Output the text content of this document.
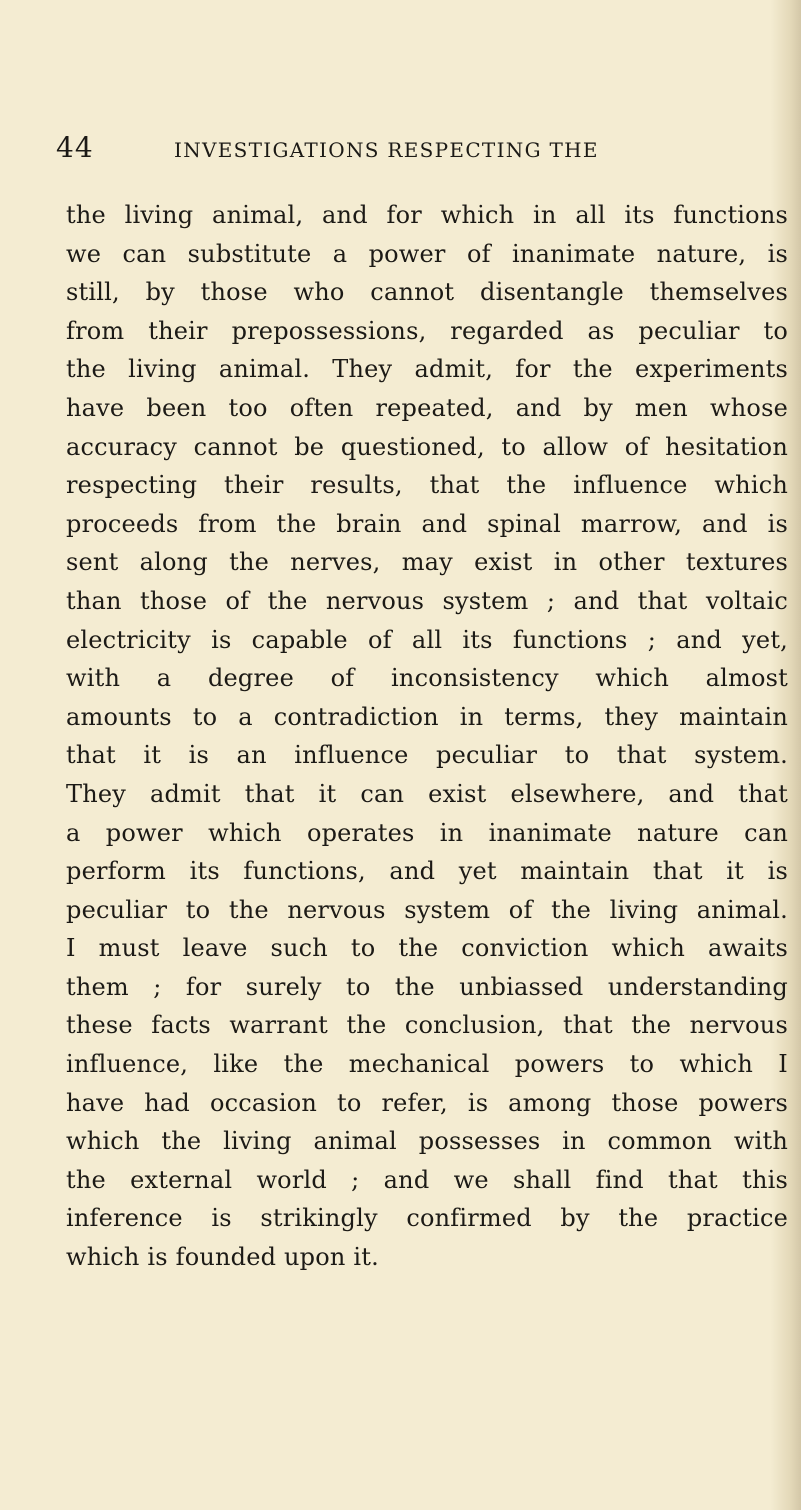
44	INVESTIGATIONS RESPECTING THE
the living animal, and for which in all its functions
we can substitute a power of inanimate nature, is
still, by those who cannot disentangle themselves
from their prepossessions, regarded as peculiar to
the living animal. They admit, for the experiments
have been too often repeated, and by men whose
accuracy cannot be questioned, to allow of hesitation
respecting their results, that the influence which
proceeds from the brain and spinal marrow, and is
sent along the nerves, may exist in other textures
than those of the nervous system ; and that voltaic
electricity is capable of all its functions ; and yet,
with a degree of inconsistency which almost
amounts to a contradiction in terms, they maintain
that it is an influence peculiar to that system.
They admit that it can exist elsewhere, and that
a power which operates in inanimate nature can
perform its functions, and yet maintain that it is
peculiar to the nervous system of the living animal.
I must leave such to the conviction which awaits
them ; for surely to the unbiassed understanding
these facts warrant the conclusion, that the nervous
influence, like the mechanical powers to which I
have had occasion to refer, is among those powers
which the living animal possesses in common with
the external world ; and we shall find that this
inference is strikingly confirmed by the practice
which is founded upon it.
